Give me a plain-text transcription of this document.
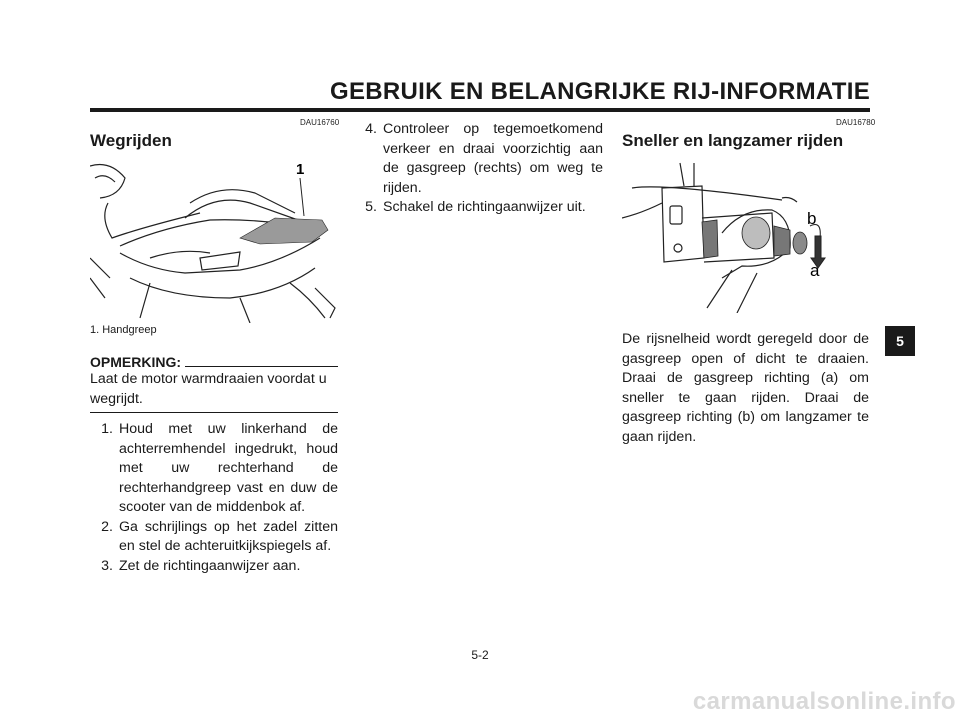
GEBRUIK EN BELANGRIJKE RIJ-INFORMATIE
DAU16760
Wegrijden
1
1. Handgreep
OPMERKING:
Laat de motor warmdraaien voordat u wegrijdt.
1. Houd met uw linkerhand de achterremhendel ingedrukt, houd met uw rechterhand de rechterhandgreep vast en duw de scooter van de middenbok af.
2. Ga schrijlings op het zadel zitten en stel de achteruitkijkspiegels af.
3. Zet de richtingaanwijzer aan.
4. Controleer op tegemoetkomend verkeer en draai voorzichtig aan de gasgreep (rechts) om weg te rijden.
5. Schakel de richtingaanwijzer uit.
DAU16780
Sneller en langzamer rijden
b
a
De rijsnelheid wordt geregeld door de gasgreep open of dicht te draaien. Draai de gasgreep richting (a) om sneller te gaan rijden. Draai de gasgreep richting (b) om langzamer te gaan rijden.
5
5-2
carmanualsonline.info
